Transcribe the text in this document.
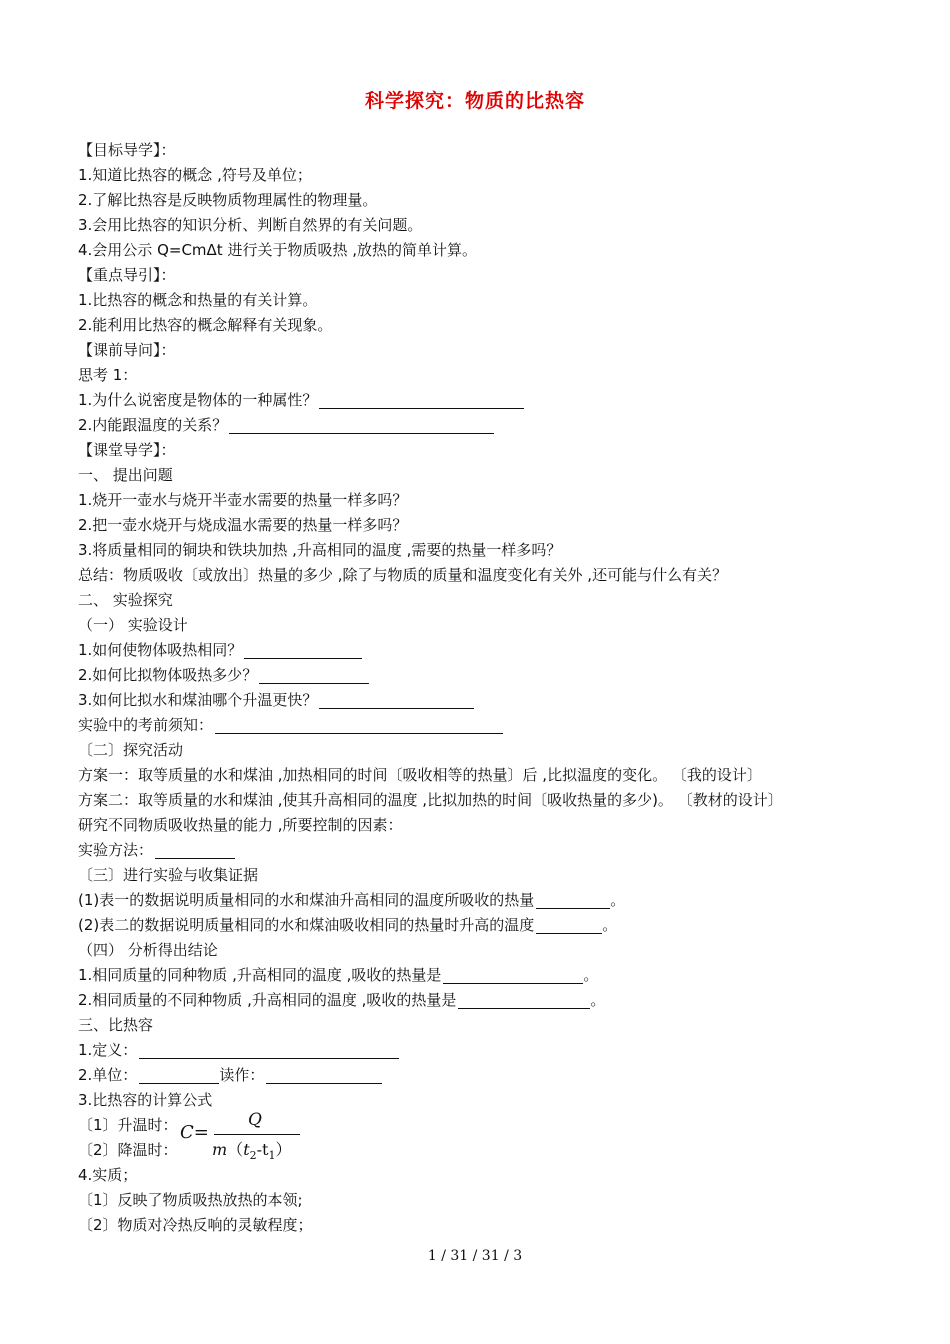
科学探究：物质的比热容
【目标导学】：
1.知道比热容的概念 ,符号及单位；
2.了解比热容是反映物质物理属性的物理量。
3.会用比热容的知识分析、判断自然界的有关问题。
4.会用公示 Q=CmΔt 进行关于物质吸热 ,放热的简单计算。
【重点导引】：
1.比热容的概念和热量的有关计算。
2.能利用比热容的概念解释有关现象。
【课前导问】：
思考 1：
1.为什么说密度是物体的一种属性？
2.内能跟温度的关系？
【课堂导学】：
一、 提出问题
1.烧开一壶水与烧开半壶水需要的热量一样多吗？
2.把一壶水烧开与烧成温水需要的热量一样多吗？
3.将质量相同的铜块和铁块加热 ,升高相同的温度 ,需要的热量一样多吗？
总结：物质吸收〔或放出〕热量的多少 ,除了与物质的质量和温度变化有关外 ,还可能与什么有关？
二、 实验探究
（一） 实验设计
1.如何使物体吸热相同？
2.如何比拟物体吸热多少？
3.如何比拟水和煤油哪个升温更快？
实验中的考前须知：
〔二〕探究活动
方案一：取等质量的水和煤油 ,加热相同的时间〔吸收相等的热量〕后 ,比拟温度的变化。 〔我的设计〕
方案二：取等质量的水和煤油 ,使其升高相同的温度 ,比拟加热的时间〔吸收热量的多少)。 〔教材的设计〕
研究不同物质吸收热量的能力 ,所要控制的因素：
实验方法：
〔三〕进行实验与收集证据
(1)表一的数据说明质量相同的水和煤油升高相同的温度所吸收的热量	。
(2)表二的数据说明质量相同的水和煤油吸收相同的热量时升高的温度	。
（四） 分析得出结论
1.相同质量的同种物质 ,升高相同的温度 ,吸收的热量是	。
2.相同质量的不同种物质 ,升高相同的温度 ,吸收的热量是	。
三、比热容
1.定义：
2.单位：	读作：
3.比热容的计算公式
〔1〕升温时：
〔2〕降温时：
4.实质；
〔1〕反映了物质吸热放热的本领;
〔2〕物质对冷热反响的灵敏程度；
C=
Q
$m(t_2-t_1)$
1 / 31 / 31 / 3
